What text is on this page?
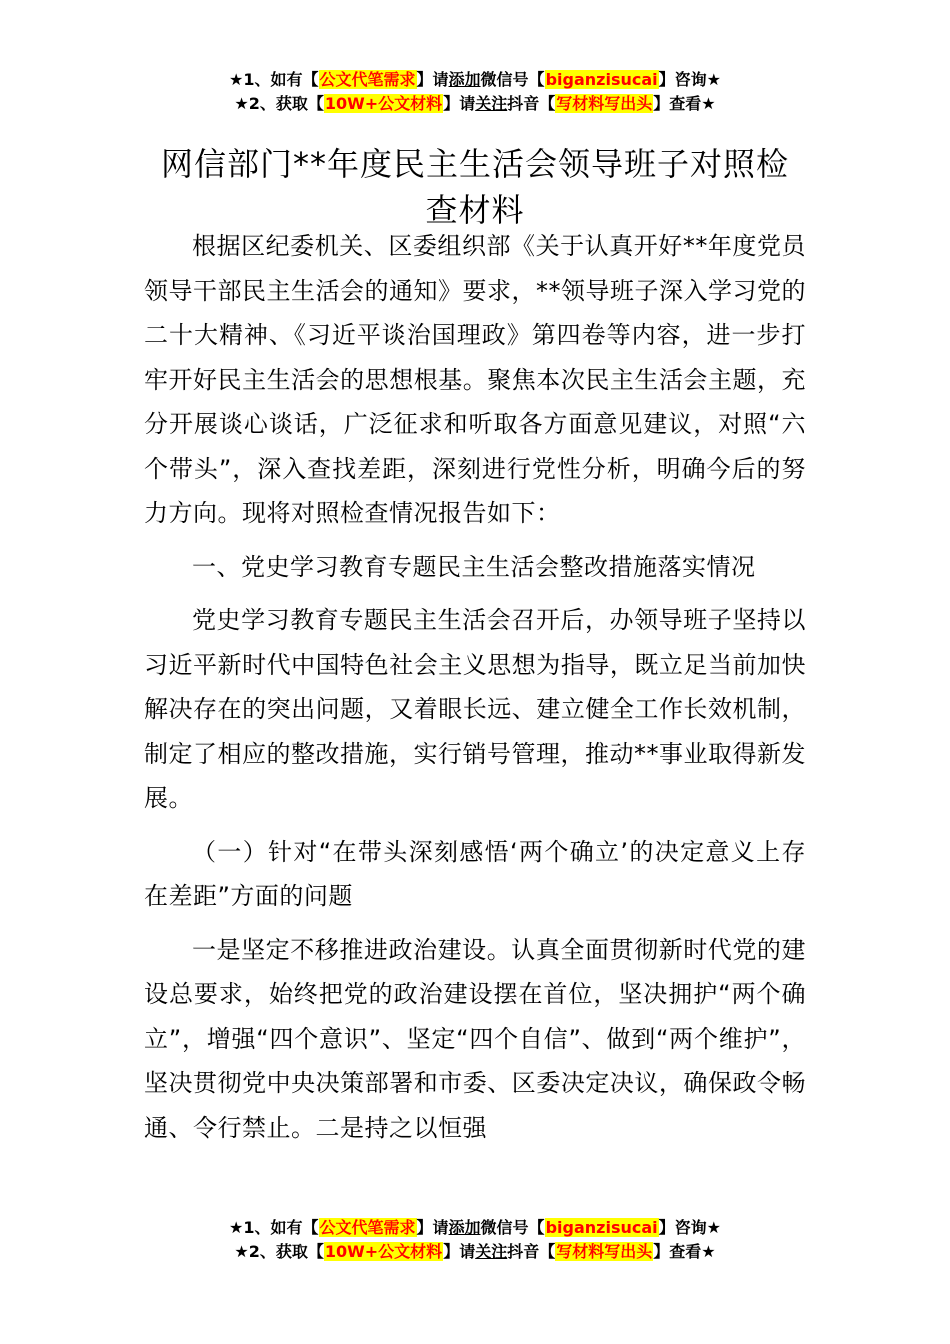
★1、如有【公文代笔需求】请添加微信号【biganzisucai】咨询★
★2、获取【10W+公文材料】请关注抖音【写材料写出头】查看★
网信部门**年度民主生活会领导班子对照检查材料

根据区纪委机关、区委组织部《关于认真开好**年度党员领导干部民主生活会的通知》要求，**领导班子深入学习党的二十大精神、《习近平谈治国理政》第四卷等内容，进一步打牢开好民主生活会的思想根基。聚焦本次民主生活会主题，充分开展谈心谈话，广泛征求和听取各方面意见建议，对照“六个带头”，深入查找差距，深刻进行党性分析，明确今后的努力方向。现将对照检查情况报告如下：

一、党史学习教育专题民主生活会整改措施落实情况

党史学习教育专题民主生活会召开后，办领导班子坚持以习近平新时代中国特色社会主义思想为指导，既立足当前加快解决存在的突出问题，又着眼长远、建立健全工作长效机制，制定了相应的整改措施，实行销号管理，推动**事业取得新发展。

（一）针对“在带头深刻感悟‘两个确立’的决定意义上存在差距”方面的问题

一是坚定不移推进政治建设。认真全面贯彻新时代党的建设总要求，始终把党的政治建设摆在首位，坚决拥护“两个确立”，增强“四个意识”、坚定“四个自信”、做到“两个维护”，坚决贯彻党中央决策部署和市委、区委决定决议，确保政令畅通、令行禁止。二是持之以恒强

★1、如有【公文代笔需求】请添加微信号【biganzisucai】咨询★
★2、获取【10W+公文材料】请关注抖音【写材料写出头】查看★
